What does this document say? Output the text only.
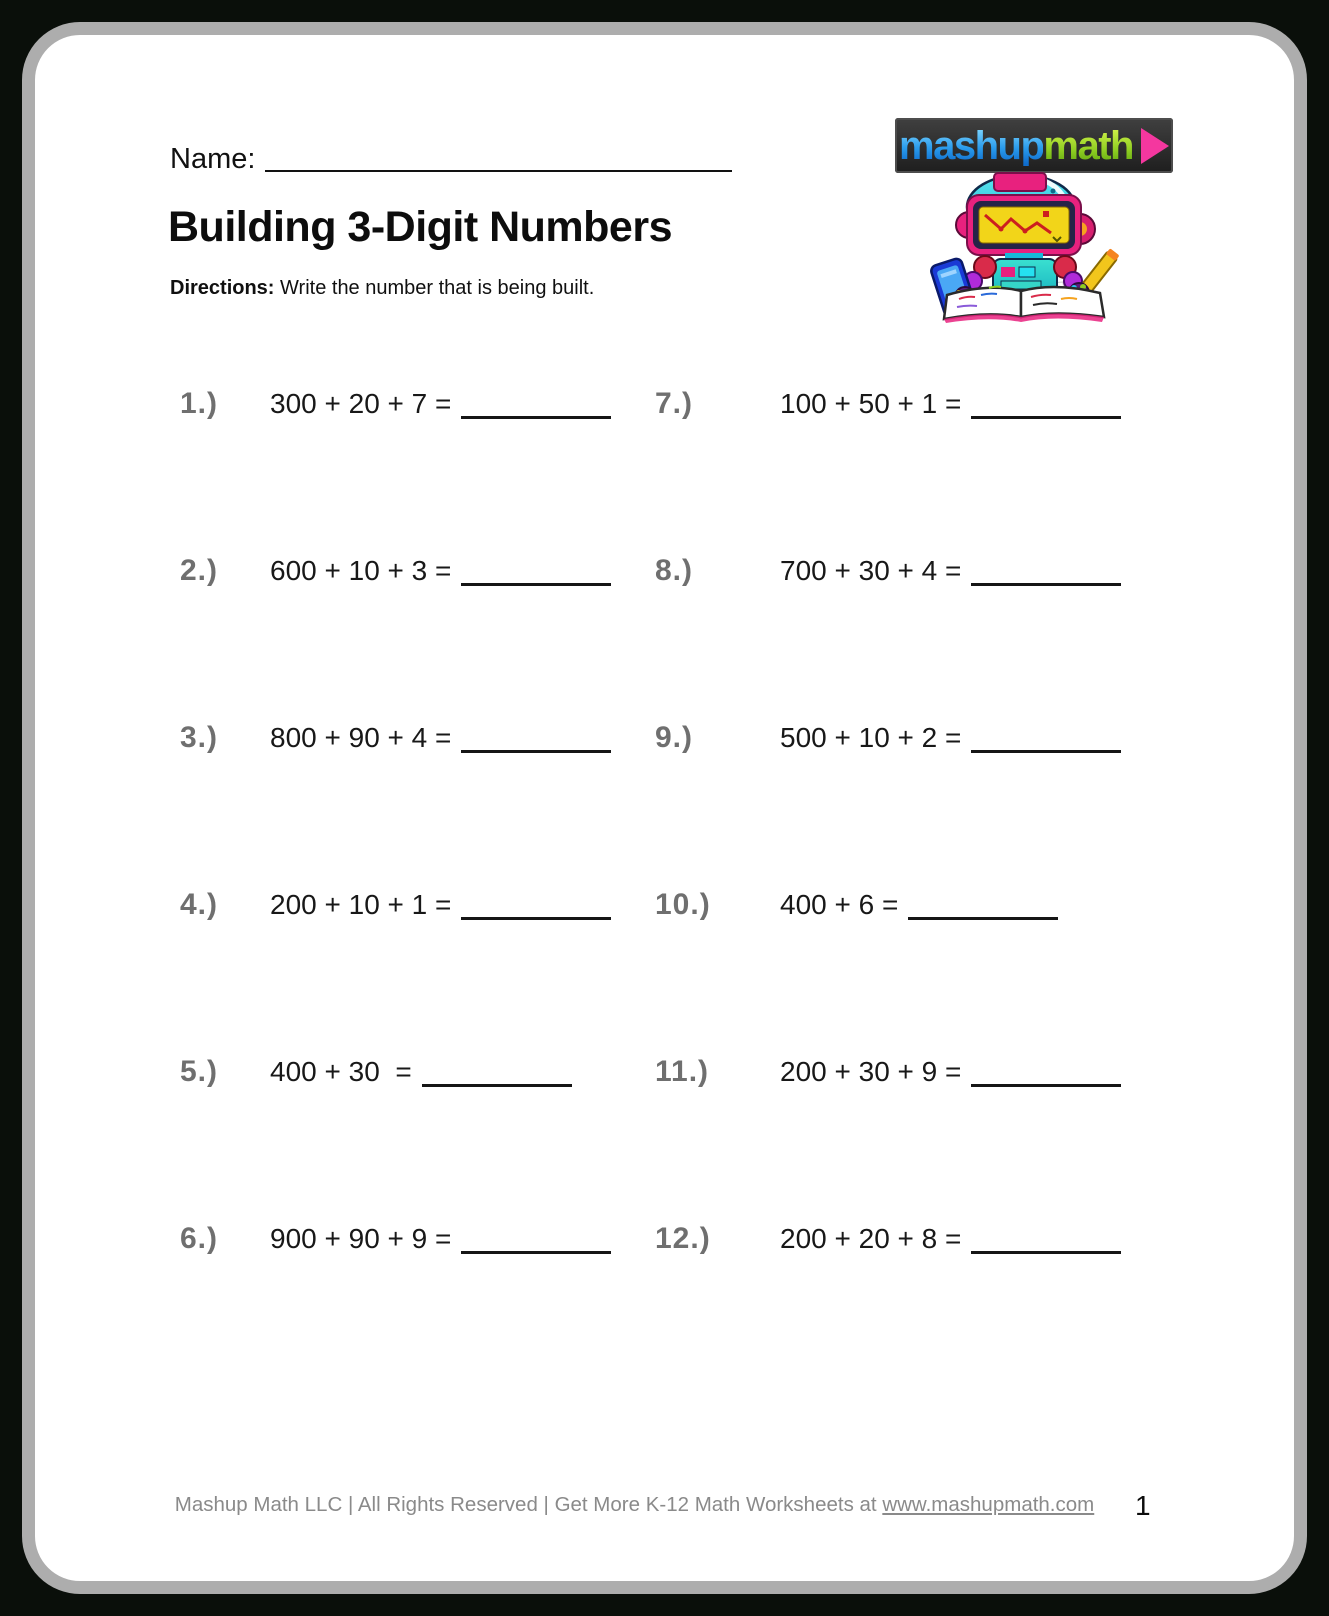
Name:	mashup math
Building 3-Digit Numbers

Directions: Write the number that is being built.

1.) 300 + 20 + 7 =
2.) 600 + 10 + 3 =
3.) 800 + 90 + 4 =
4.) 200 + 10 + 1 =
5.) 400 + 30  =
6.) 900 + 90 + 9 =
7.)	100 + 50 + 1 =
8.)	700 + 30 + 4 =
9.)	500 + 10 + 2 =
10.) 400 + 6 =
11.)	200 + 30 + 9 =
12.) 200 + 20 + 8 =
Mashup Math LLC | All Rights Reserved | Get More K-12 Math Worksheets at www.mashupmath.com	1
